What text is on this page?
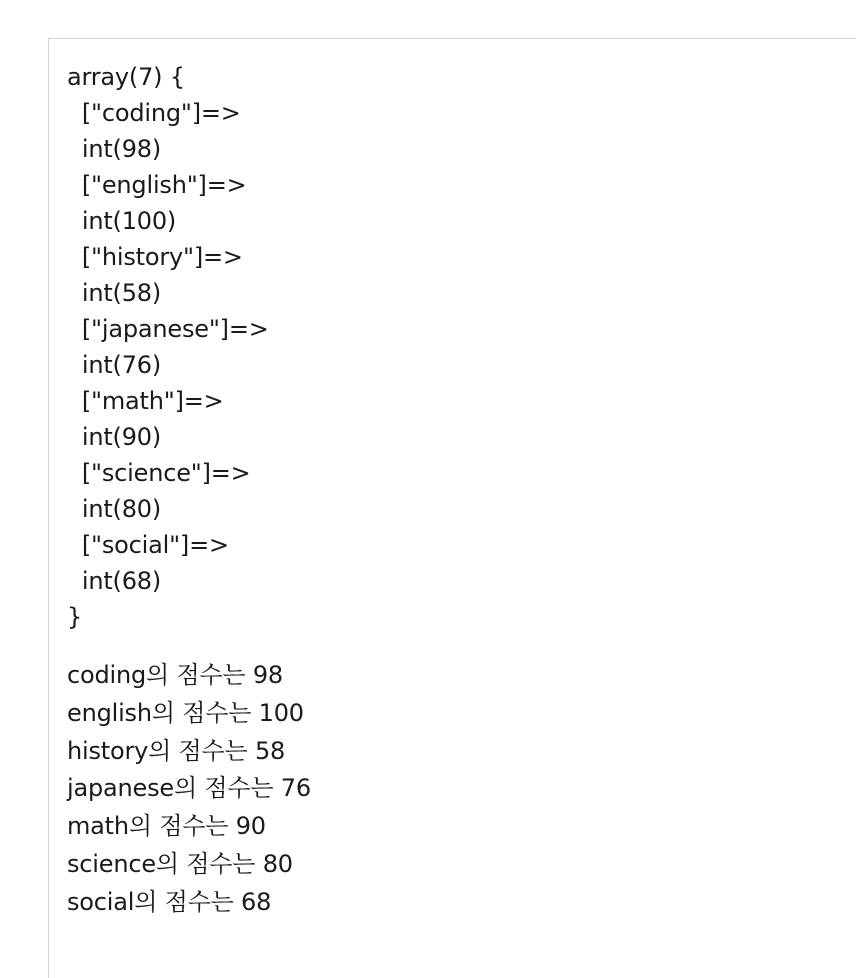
array(7) {
["coding"]=>
int(98)
["english"]=>
int(100)
["history"]=>
int(58)
["japanese"]=>
int(76)
["math"]=>
int(90)
["science"]=>
int(80)
["social"]=>
int(68)
}
coding의 점수는 98
english의 점수는 100
history의 점수는 58
japanese의 점수는 76
math의 점수는 90
science의 점수는 80
social의 점수는 68
